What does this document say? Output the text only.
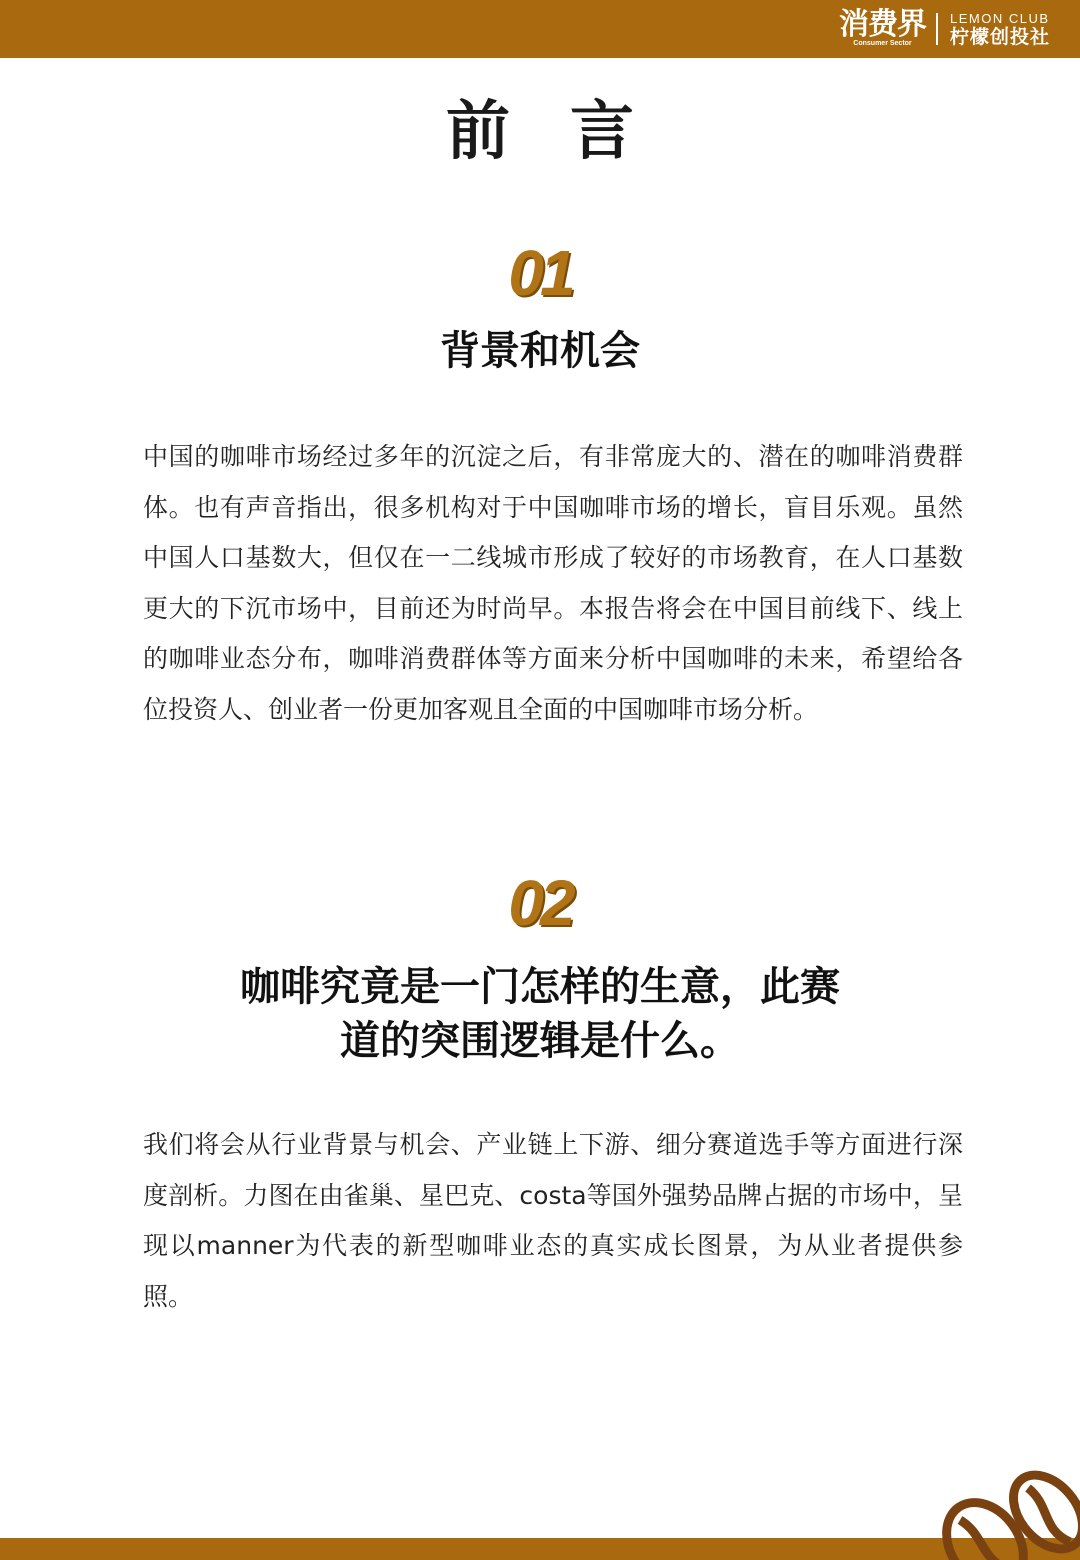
消费界
Consumer Sector
LEMON CLUB
柠檬创投社
前言
01
背景和机会
中国的咖啡市场经过多年的沉淀之后，有非常庞大的、潜在的咖啡消费群体。也有声音指出，很多机构对于中国咖啡市场的增长，盲目乐观。虽然中国人口基数大，但仅在一二线城市形成了较好的市场教育，在人口基数更大的下沉市场中，目前还为时尚早。本报告将会在中国目前线下、线上的咖啡业态分布，咖啡消费群体等方面来分析中国咖啡的未来，希望给各位投资人、创业者一份更加客观且全面的中国咖啡市场分析。
02
咖啡究竟是一门怎样的生意，此赛
道的突围逻辑是什么。
我们将会从行业背景与机会、产业链上下游、细分赛道选手等方面进行深度剖析。力图在由雀巢、星巴克、costa等国外强势品牌占据的市场中，呈现以manner为代表的新型咖啡业态的真实成长图景，为从业者提供参照。
